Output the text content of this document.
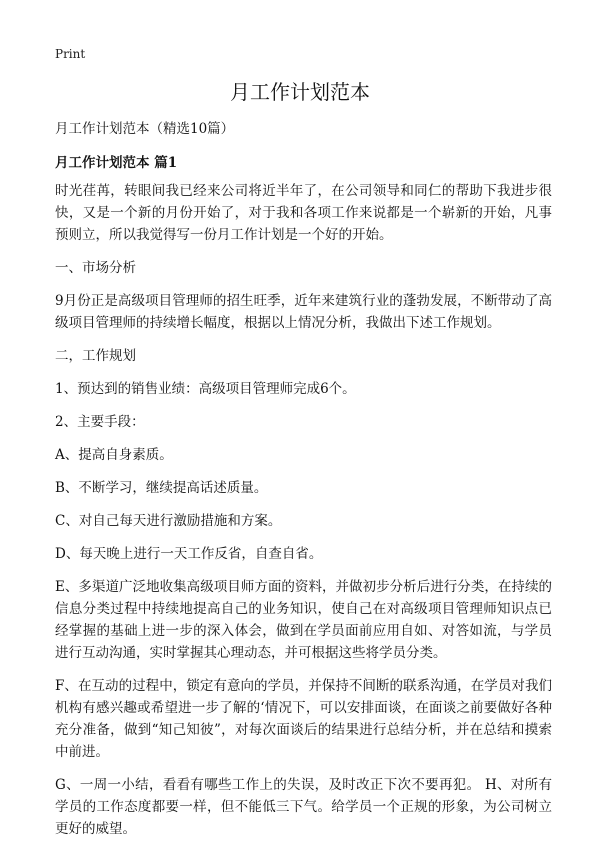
Print
月工作计划范本

月工作计划范本（精选10篇）

月工作计划范本 篇1

时光荏苒，转眼间我已经来公司将近半年了，在公司领导和同仁的帮助下我进步很快，又是一个新的月份开始了，对于我和各项工作来说都是一个崭新的开始，凡事预则立，所以我觉得写一份月工作计划是一个好的开始。

一、市场分析

9月份正是高级项目管理师的招生旺季，近年来建筑行业的蓬勃发展，不断带动了高级项目管理师的持续增长幅度，根据以上情况分析，我做出下述工作规划。

二，工作规划

1、预达到的销售业绩：高级项目管理师完成6个。

2、主要手段：

A、提高自身素质。

B、不断学习，继续提高话述质量。

C、对自己每天进行激励措施和方案。

D、每天晚上进行一天工作反省，自查自省。

E、多渠道广泛地收集高级项目师方面的资料，并做初步分析后进行分类，在持续的信息分类过程中持续地提高自己的业务知识，使自己在对高级项目管理师知识点已经掌握的基础上进一步的深入体会，做到在学员面前应用自如、对答如流，与学员进行互动沟通，实时掌握其心理动态，并可根据这些将学员分类。

F、在互动的过程中，锁定有意向的学员，并保持不间断的联系沟通，在学员对我们机构有感兴趣或希望进一步了解的‘情况下，可以安排面谈，在面谈之前要做好各种充分准备，做到“知己知彼”，对每次面谈后的结果进行总结分析，并在总结和摸索中前进。

G、一周一小结，看看有哪些工作上的失误，及时改正下次不要再犯。 H、对所有学员的工作态度都要一样，但不能低三下气。给学员一个正规的形象，为公司树立更好的威望。
